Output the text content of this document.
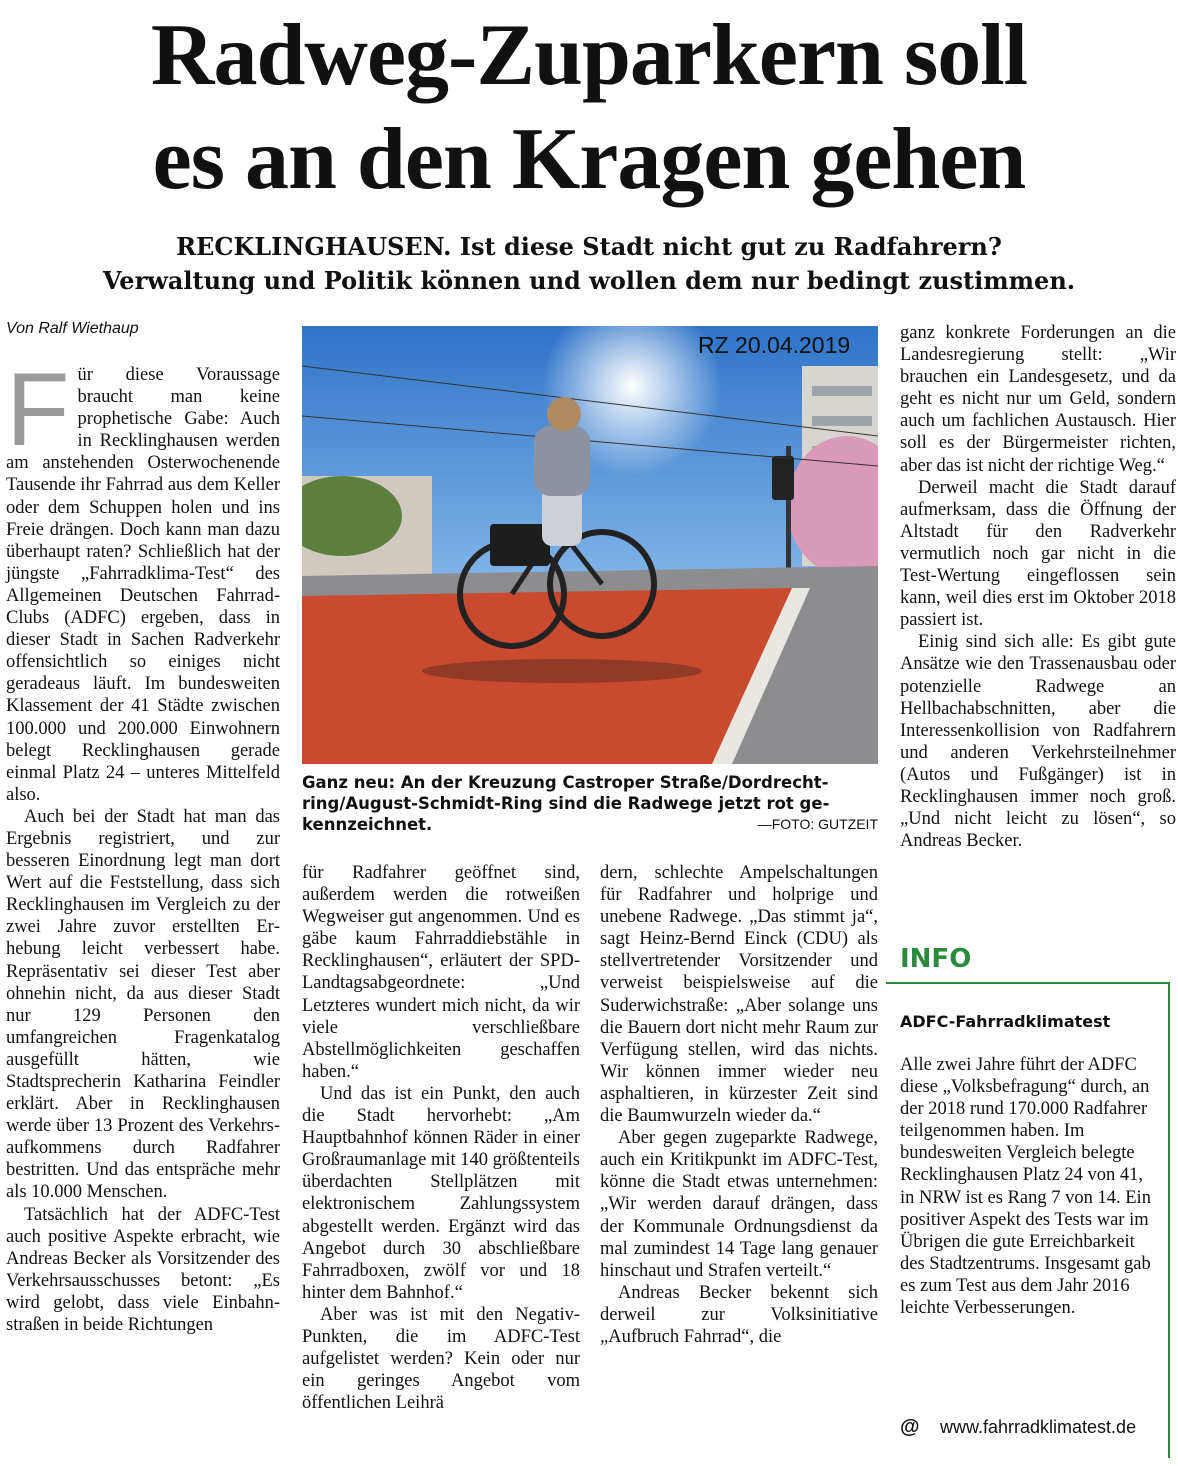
Radweg-Zuparkern soll
es an den Kragen gehen
RECKLINGHAUSEN. Ist diese Stadt nicht gut zu Radfahrern?
Verwaltung und Politik können und wollen dem nur bedingt zustimmen.
Von Ralf Wiethaup

Für diese Voraussage braucht man keine prophetische Gabe: Auch in Recklinghausen werden am anstehenden Osterwochenende Tausende ihr Fahrrad aus dem Keller oder dem Schuppen holen und ins Freie drängen. Doch kann man dazu überhaupt raten? Schließlich hat der jüngste „Fahrradklima-Test“ des Allgemeinen Deutschen Fahrrad-Clubs (ADFC) ergeben, dass in dieser Stadt in Sachen Radverkehr offensichtlich so einiges nicht geradeaus läuft. Im bundesweiten Klassement der 41 Städte zwischen 100.000 und 200.000 Einwohnern belegt Recklinghausen gerade einmal Platz 24 – unteres Mittelfeld also.

Auch bei der Stadt hat man das Ergebnis registriert, und zur besseren Einordnung legt man dort Wert auf die Feststellung, dass sich Recklinghausen im Vergleich zu der zwei Jahre zuvor erstellten Erhebung leicht verbessert habe. Repräsentativ sei dieser Test aber ohnehin nicht, da aus dieser Stadt nur 129 Personen den umfangreichen Fragenkatalog ausgefüllt hätten, wie Stadtsprecherin Katharina Feindler erklärt. Aber in Recklinghausen werde über 13 Prozent des Verkehrsaufkommens durch Radfahrer bestritten. Und das entspräche mehr als 10.000 Menschen.

Tatsächlich hat der ADFC-Test auch positive Aspekte erbracht, wie Andreas Becker als Vorsitzender des Verkehrsausschusses betont: „Es wird gelobt, dass viele Einbahnstraßen in beide Richtungen

RZ 20.04.2019
Ganz neu: An der Kreuzung Castroper Straße/Dordrechtring/August-Schmidt-Ring sind die Radwege jetzt rot gekennzeichnet.	—FOTO: GUTZEIT

für Radfahrer geöffnet sind, außerdem werden die rotweißen Wegweiser gut angenommen. Und es gäbe kaum Fahrraddiebstähle in Recklinghausen“, erläutert der SPD-Landtagsabgeordnete: „Und Letzteres wundert mich nicht, da wir viele verschließbare Abstellmöglichkeiten geschaffen haben.“

Und das ist ein Punkt, den auch die Stadt hervorhebt: „Am Hauptbahnhof können Räder in einer Großraumanlage mit 140 größtenteils überdachten Stellplätzen mit elektronischem Zahlungssystem abgestellt werden. Ergänzt wird das Angebot durch 30 abschließbare Fahrradboxen, zwölf vor und 18 hinter dem Bahnhof.“

Aber was ist mit den Negativ-Punkten, die im ADFC-Test aufgelistet werden? Kein oder nur ein geringes Angebot vom öffentlichen Leihrä

dern, schlechte Ampelschaltungen für Radfahrer und holprige und unebene Radwege. „Das stimmt ja“, sagt Heinz-Bernd Einck (CDU) als stellvertretender Vorsitzender und verweist beispielsweise auf die Suderwichstraße: „Aber solange uns die Bauern dort nicht mehr Raum zur Verfügung stellen, wird das nichts. Wir können immer wieder neu asphaltieren, in kürzester Zeit sind die Baumwurzeln wieder da.“

Aber gegen zugeparkte Radwege, auch ein Kritikpunkt im ADFC-Test, könne die Stadt etwas unternehmen: „Wir werden darauf drängen, dass der Kommunale Ordnungsdienst da mal zumindest 14 Tage lang genauer hinschaut und Strafen verteilt.“

Andreas Becker bekennt sich derweil zur Volksinitiative „Aufbruch Fahrrad“, die

ganz konkrete Forderungen an die Landesregierung stellt: „Wir brauchen ein Landesgesetz, und da geht es nicht nur um Geld, sondern auch um fachlichen Austausch. Hier soll es der Bürgermeister richten, aber das ist nicht der richtige Weg.“

Derweil macht die Stadt darauf aufmerksam, dass die Öffnung der Altstadt für den Radverkehr vermutlich noch gar nicht in die Test-Wertung eingeflossen sein kann, weil dies erst im Oktober 2018 passiert ist.

Einig sind sich alle: Es gibt gute Ansätze wie den Trassenausbau oder potenzielle Radwege an Hellbachabschnitten, aber die Interessenkollision von Radfahrern und anderen Verkehrsteilnehmer (Autos und Fußgänger) ist in Recklinghausen immer noch groß. „Und nicht leicht zu lösen“, so Andreas Becker.

INFO
ADFC-Fahrradklimatest

Alle zwei Jahre führt der ADFC diese „Volksbefragung“ durch, an der 2018 rund 170.000 Radfahrer teilgenommen haben. Im bundesweiten Vergleich belegte Recklinghausen Platz 24 von 41, in NRW ist es Rang 7 von 14. Ein positiver Aspekt des Tests war im Übrigen die gute Erreichbarkeit des Stadtzentrums. Insgesamt gab es zum Test aus dem Jahr 2016 leichte Verbesserungen.

@ www.fahrradklimatest.de
